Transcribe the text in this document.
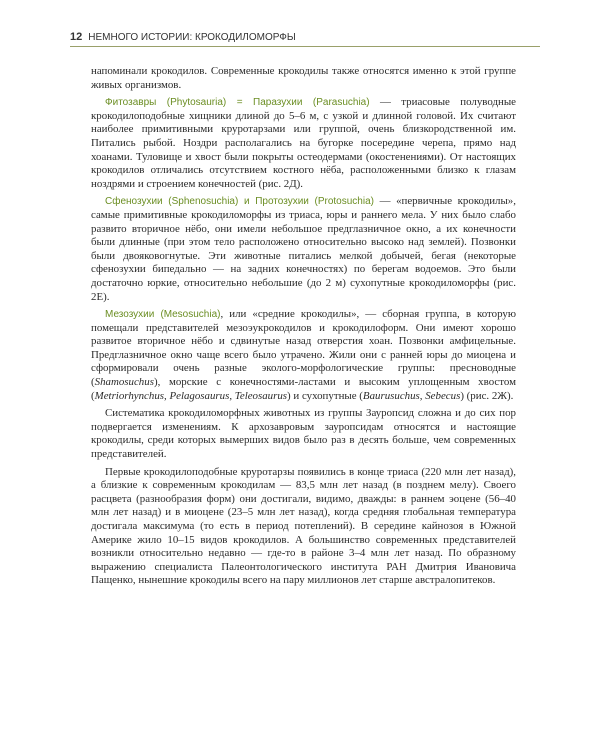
12 НЕМНОГО ИСТОРИИ: КРОКОДИЛОМОРФЫ

напоминали крокодилов. Современные крокодилы также относятся именно к этой группе живых организмов.

Фитозавры (Phytosauria) = Паразухии (Parasuchia) — триасовые полуводные крокодилоподобные хищники длиной до 5–6 м, с узкой и длинной головой. Их считают наиболее примитивными круротарзами или группой, очень близкородственной им. Питались рыбой. Ноздри располагались на бугорке посередине черепа, прямо над хоанами. Туловище и хвост были покрыты остеодермами (окостенениями). От настоящих крокодилов отличались отсутствием костного нёба, расположенными близко к глазам ноздрями и строением конечностей (рис. 2Д).

Сфенозухии (Sphenosuchia) и Протозухии (Protosuchia) — «первичные крокодилы», самые примитивные крокодиломорфы из триаса, юры и раннего мела. У них было слабо развито вторичное нёбо, они имели небольшое предглазничное окно, а их конечности были длинные (при этом тело расположено относительно высоко над землей). Позвонки были двояковогнутые. Эти животные питались мелкой добычей, бегая (некоторые сфенозухии бипедально — на задних конечностях) по берегам водоемов. Это были достаточно юркие, относительно небольшие (до 2 м) сухопутные крокодиломорфы (рис. 2Е).

Мезозухии (Mesosuchia), или «средние крокодилы», — сборная группа, в которую помещали представителей мезоэукрокодилов и крокодилоформ. Они имеют хорошо развитое вторичное нёбо и сдвинутые назад отверстия хоан. Позвонки амфицельные. Предглазничное окно чаще всего было утрачено. Жили они с ранней юры до миоцена и сформировали очень разные эколого-морфологические группы: пресноводные (Shamosuchus), морские с конечностями-ластами и высоким уплощенным хвостом (Metriorhynchus, Pelagosaurus, Teleosaurus) и сухопутные (Baurusuchus, Sebecus) (рис. 2Ж).

Систематика крокодиломорфных животных из группы Зауропсид сложна и до сих пор подвергается изменениям. К архозавровым зауропсидам относятся и настоящие крокодилы, среди которых вымерших видов было раз в десять больше, чем современных представителей.

Первые крокодилоподобные круротарзы появились в конце триаса (220 млн лет назад), а близкие к современным крокодилам — 83,5 млн лет назад (в позднем мелу). Своего расцвета (разнообразия форм) они достигали, видимо, дважды: в раннем эоцене (56–40 млн лет назад) и в миоцене (23–5 млн лет назад), когда средняя глобальная температура достигала максимума (то есть в период потеплений). В середине кайнозоя в Южной Америке жило 10–15 видов крокодилов. А большинство современных представителей возникли относительно недавно — где-то в районе 3–4 млн лет назад. По образному выражению специалиста Палеонтологического института РАН Дмитрия Ивановича Пащенко, нынешние крокодилы всего на пару миллионов лет старше австралопитеков.
